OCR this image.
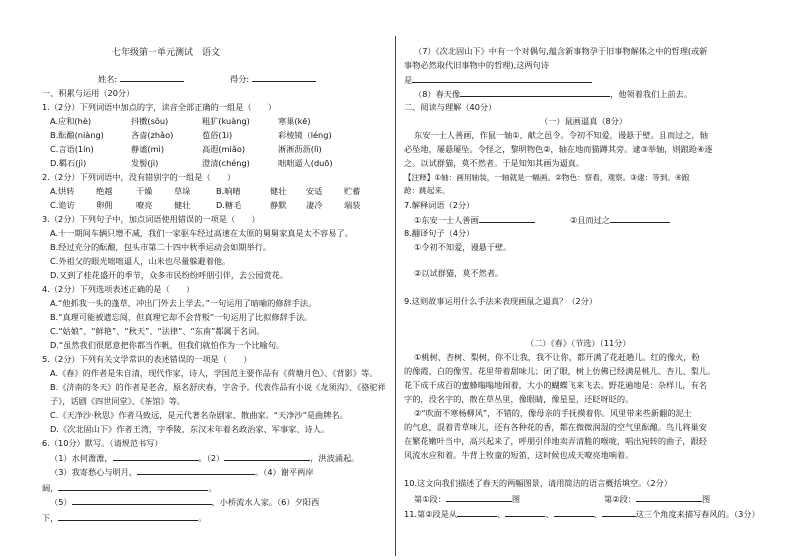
七年级第一单元测试　语文
姓名:	得分:
一、积累与运用（20分）
1.（2分）下列词语中加点的字，读音全部正确的一组是（　　）
A.应和(hè)	抖擞(sǒu)	粗犷(kuàng)	寒巢(kē)
B.酝酿(niàng)	吝啬(zhǎo)	苞俗(1i)	彩棱镜（léng)
C.言语(1ín)	静谧(mì)	高遐(miǎo)	淅淅沥沥(lì)
D.羁石(jì)	发髻(jì)	澄清(chéng)	咄咄逼人(duō)
2.（2分）下列词语中，没有错别字的一组是（　　）
A.烘转	绝越	干燥	草垛	B.晌晴	健壮 安适	贮蓄
C.诡访	卵佣	嘹亮	健壮	D.糖毛	静默 凄冷	端装
3.（2分）下列句子中，加点词语使用错误的一项是（　　）
A.十一期间车辆只增不减，我们一家驱车经过高速在太原的舅舅家真是太不容易了。
B.经过充分的酝酿，包头市第二十四中秋季运动会如期举行。
C.外祖父的眼光咄咄逼人，山米也尽量躲避着他。
D.又到了桂花盛开的季节，众多市民纷纷呼朋引伴，去公园赏花。
4.（2分）下列选项表述正确的是（　　）
A.“他抓我一头的蓬草，冲出门外去上学去。”一句运用了暗喻的修辞手法。
B.“真理可能被遗忘阅，但真理它却不会背叛”一句运用了比拟修辞手法。
C.“姑娘”、“鲜艳”、“秋天”、“法律”、“东南”都属于名词。
D.“虽然我们很愿意把你都当作帆，但我们就怕作为一个比喻句。
5.（2分）下列有关文学常识的表述错误的一项是（　　）
A.《春》的作者是朱自清，现代作家，诗人，学国范主要作品有《荷塘月色》、《背影》等。
B.《济南的冬天》的作者是老舍，原名舒庆春，字舍予。代表作品有小说《龙须沟》、《骆驼祥
子》，话剧《四世同堂》、《茶馆》等。
C.《天净沙·秋思》作者马致远，是元代著名杂剧家、散曲家。“天净沙”是曲牌名。
D.《次北固山下》作者王湾，字季陵，东汉末年着名政治家、军事家、诗人。
6.（10分）默写。（请规范书写）
（1）水何澹澹，	。（2）	，洪波涌起。
（3）我寄愁心与明月，	。（4）谢平两岸
阔，	。
（5）	，小桥流水人家。（6）夕阳西
下，	。
（7）《次北固山下》中有一个对偶句,蕴含新事物孕于旧事物解体之中的哲理(或新
事物必然取代旧事物中的哲理),这两句诗
是
（8）春天像	，他领着我们上前去。
二、阅读与理解（40分）
（一）鼠画逼真（8分）
东安一士人善画，作鼠一轴①，献之邑令。令初不知爱，谩悬于壁。且而过之，轴
必坠地，屡悬屡坠。令怪之，黎明物色②，轴在地而猫蹲其旁。逮③举轴，则踉跄④逐
之。以试群猫，莫不然者。于是知知其画为逼真。
【注释】①轴：画用轴装，一轴就是一幅画。②物色：察看，观察。③逮：等到。④踉
跄：跳起来。
7.解释词语（2分）
①东安一士人善画	②且而过之
8.翻译句子（4分）
①令初不知爱，谩悬于壁。
②以试群猫，莫不然者。
9.这则故事运用什么手法来表现画鼠之逼真？（2分）
（二）《春》（节选）（11分）
①桃树、杏树、梨树，你不让我，我不让你，都开满了花赶趟儿。红的像火，粉
的像霞，白的像雪。花里带着甜味儿；闭了眼，树上仿佛已经满是桃儿、杏儿、梨儿。
花下成千成百的蜜蜂嗡嗡地闹着，大小的蝴蝶飞来飞去。野花遍地是：杂样儿，有名
字的，没名字的，散在草丛里，像眼睛，像星星，还眨呀眨的。
②“吹面不寒杨柳风”，不错的，像母亲的手抚摸着你。风里带来些新翻的泥土
的气息，混着青草味儿，还有各种花的香，都在微微润湿的空气里酝酿。鸟儿将巢安
在繁花嫩叶当中，高兴起来了，呼朋引伴地卖弄清脆的喉咙，唱出宛转的曲子，跟轻
风流水应和着。牛背上牧童的短笛，这时候也成天嘹亮地响着。
10.这文向我们描述了春天的两幅图景，请用简洁的语言概括填空。（2分）
第①段：	图	第②段：	图
11.第②段是从	、	、	、	这三个角度来描写春风的。（3分）
